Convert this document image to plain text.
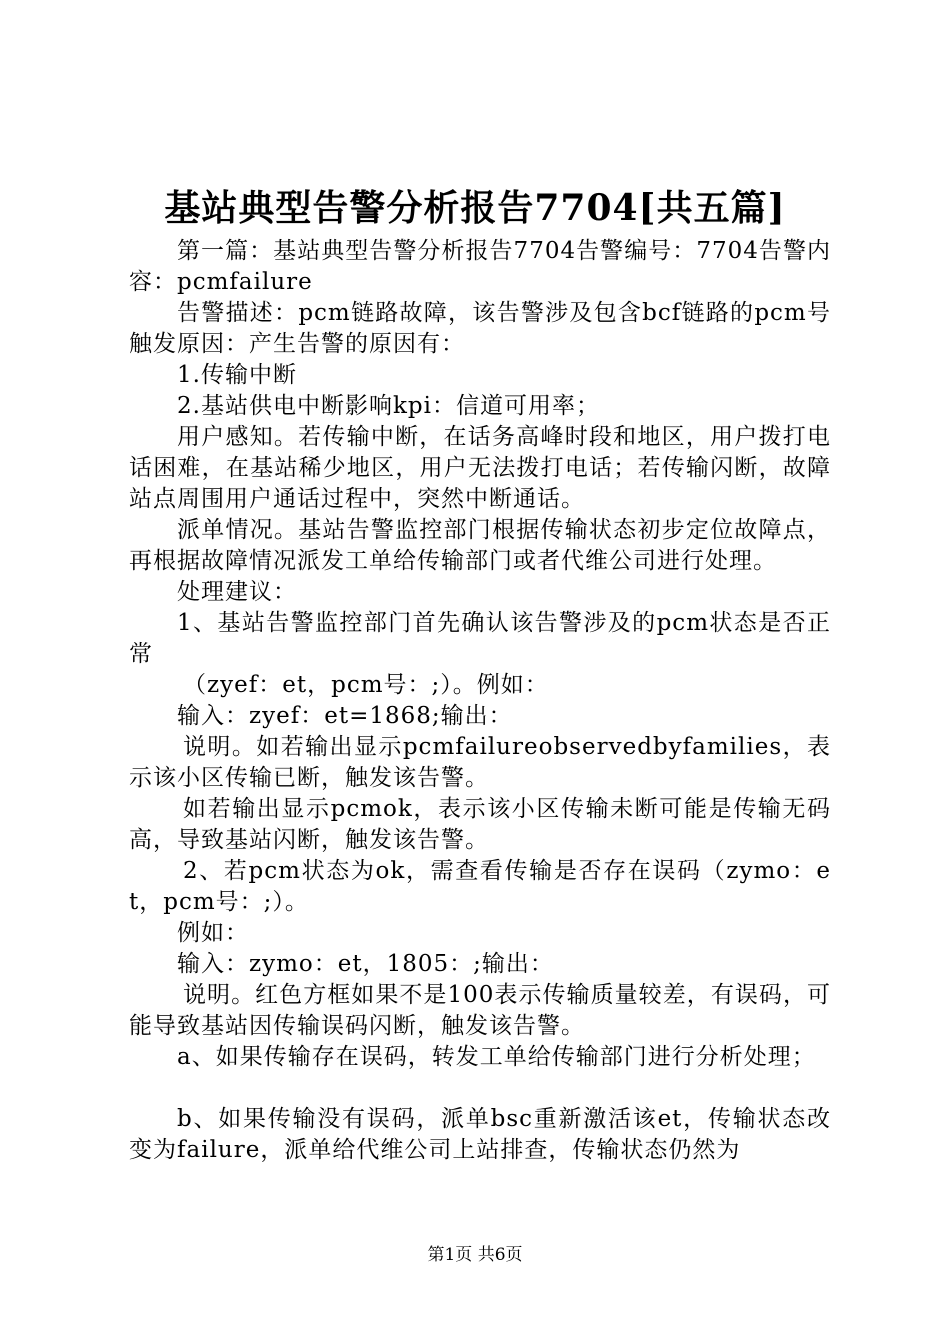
基站典型告警分析报告7704[共五篇]

第一篇：基站典型告警分析报告7704告警编号：7704告警内容：pcmfailure

告警描述：pcm链路故障，该告警涉及包含bcf链路的pcm号触发原因：产生告警的原因有：

1.传输中断

2.基站供电中断影响kpi：信道可用率；

用户感知。若传输中断，在话务高峰时段和地区，用户拨打电话困难，在基站稀少地区，用户无法拨打电话；若传输闪断，故障站点周围用户通话过程中，突然中断通话。

派单情况。基站告警监控部门根据传输状态初步定位故障点，再根据故障情况派发工单给传输部门或者代维公司进行处理。

处理建议：

1、基站告警监控部门首先确认该告警涉及的pcm状态是否正常

（zyef：et，pcm号：;）。例如：

输入：zyef：et=1868;输出：

说明。如若输出显示pcmfailureobservedbyfamilies，表示该小区传输已断，触发该告警。

如若输出显示pcmok，表示该小区传输未断可能是传输无码高，导致基站闪断，触发该告警。

2、若pcm状态为ok，需查看传输是否存在误码（zymo：et，pcm号：;）。

例如：

输入：zymo：et，1805：;输出：

说明。红色方框如果不是100表示传输质量较差，有误码，可能导致基站因传输误码闪断，触发该告警。

a、如果传输存在误码，转发工单给传输部门进行分析处理；

b、如果传输没有误码，派单bsc重新激活该et，传输状态改变为failure，派单给代维公司上站排查，传输状态仍然为

第1页 共6页
